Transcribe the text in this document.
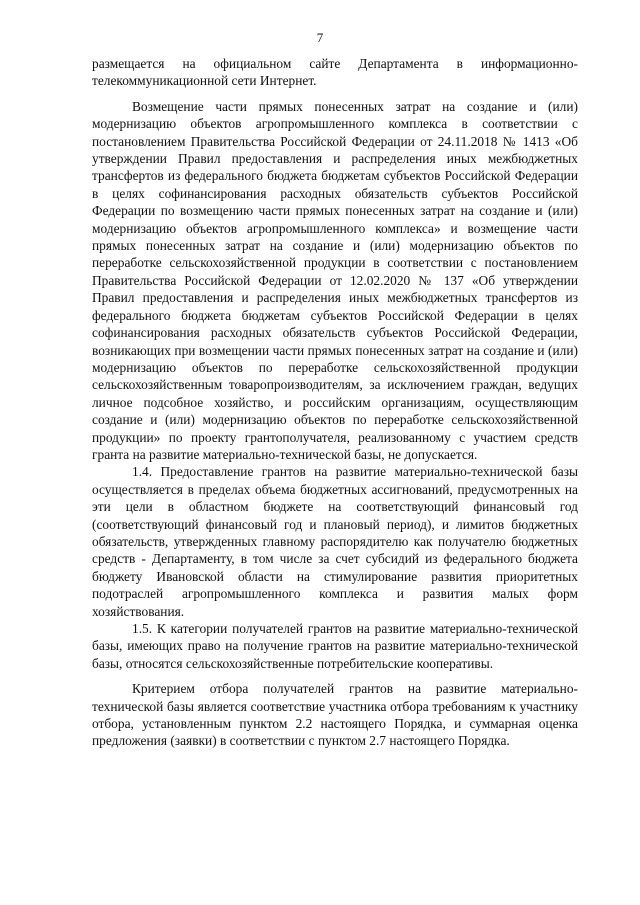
7

размещается на официальном сайте Департамента в информационно-телекоммуникационной сети Интернет.

Возмещение части прямых понесенных затрат на создание и (или) модернизацию объектов агропромышленного комплекса в соответствии с постановлением Правительства Российской Федерации от 24.11.2018 № 1413 «Об утверждении Правил предоставления и распределения иных межбюджетных трансфертов из федерального бюджета бюджетам субъектов Российской Федерации в целях софинансирования расходных обязательств субъектов Российской Федерации по возмещению части прямых понесенных затрат на создание и (или) модернизацию объектов агропромышленного комплекса» и возмещение части прямых понесенных затрат на создание и (или) модернизацию объектов по переработке сельскохозяйственной продукции в соответствии с постановлением Правительства Российской Федерации от 12.02.2020 № 137 «Об утверждении Правил предоставления и распределения иных межбюджетных трансфертов из федерального бюджета бюджетам субъектов Российской Федерации в целях софинансирования расходных обязательств субъектов Российской Федерации, возникающих при возмещении части прямых понесенных затрат на создание и (или) модернизацию объектов по переработке сельскохозяйственной продукции сельскохозяйственным товаропроизводителям, за исключением граждан, ведущих личное подсобное хозяйство, и российским организациям, осуществляющим создание и (или) модернизацию объектов по переработке сельскохозяйственной продукции» по проекту грантополучателя, реализованному с участием средств гранта на развитие материально-технической базы, не допускается.

1.4. Предоставление грантов на развитие материально-технической базы осуществляется в пределах объема бюджетных ассигнований, предусмотренных на эти цели в областном бюджете на соответствующий финансовый год (соответствующий финансовый год и плановый период), и лимитов бюджетных обязательств, утвержденных главному распорядителю как получателю бюджетных средств - Департаменту, в том числе за счет субсидий из федерального бюджета бюджету Ивановской области на стимулирование развития приоритетных подотраслей агропромышленного комплекса и развития малых форм хозяйствования.

1.5. К категории получателей грантов на развитие материально-технической базы, имеющих право на получение грантов на развитие материально-технической базы, относятся сельскохозяйственные потребительские кооперативы.

Критерием отбора получателей грантов на развитие материально-технической базы является соответствие участника отбора требованиям к участнику отбора, установленным пунктом 2.2 настоящего Порядка, и суммарная оценка предложения (заявки) в соответствии с пунктом 2.7 настоящего Порядка.
